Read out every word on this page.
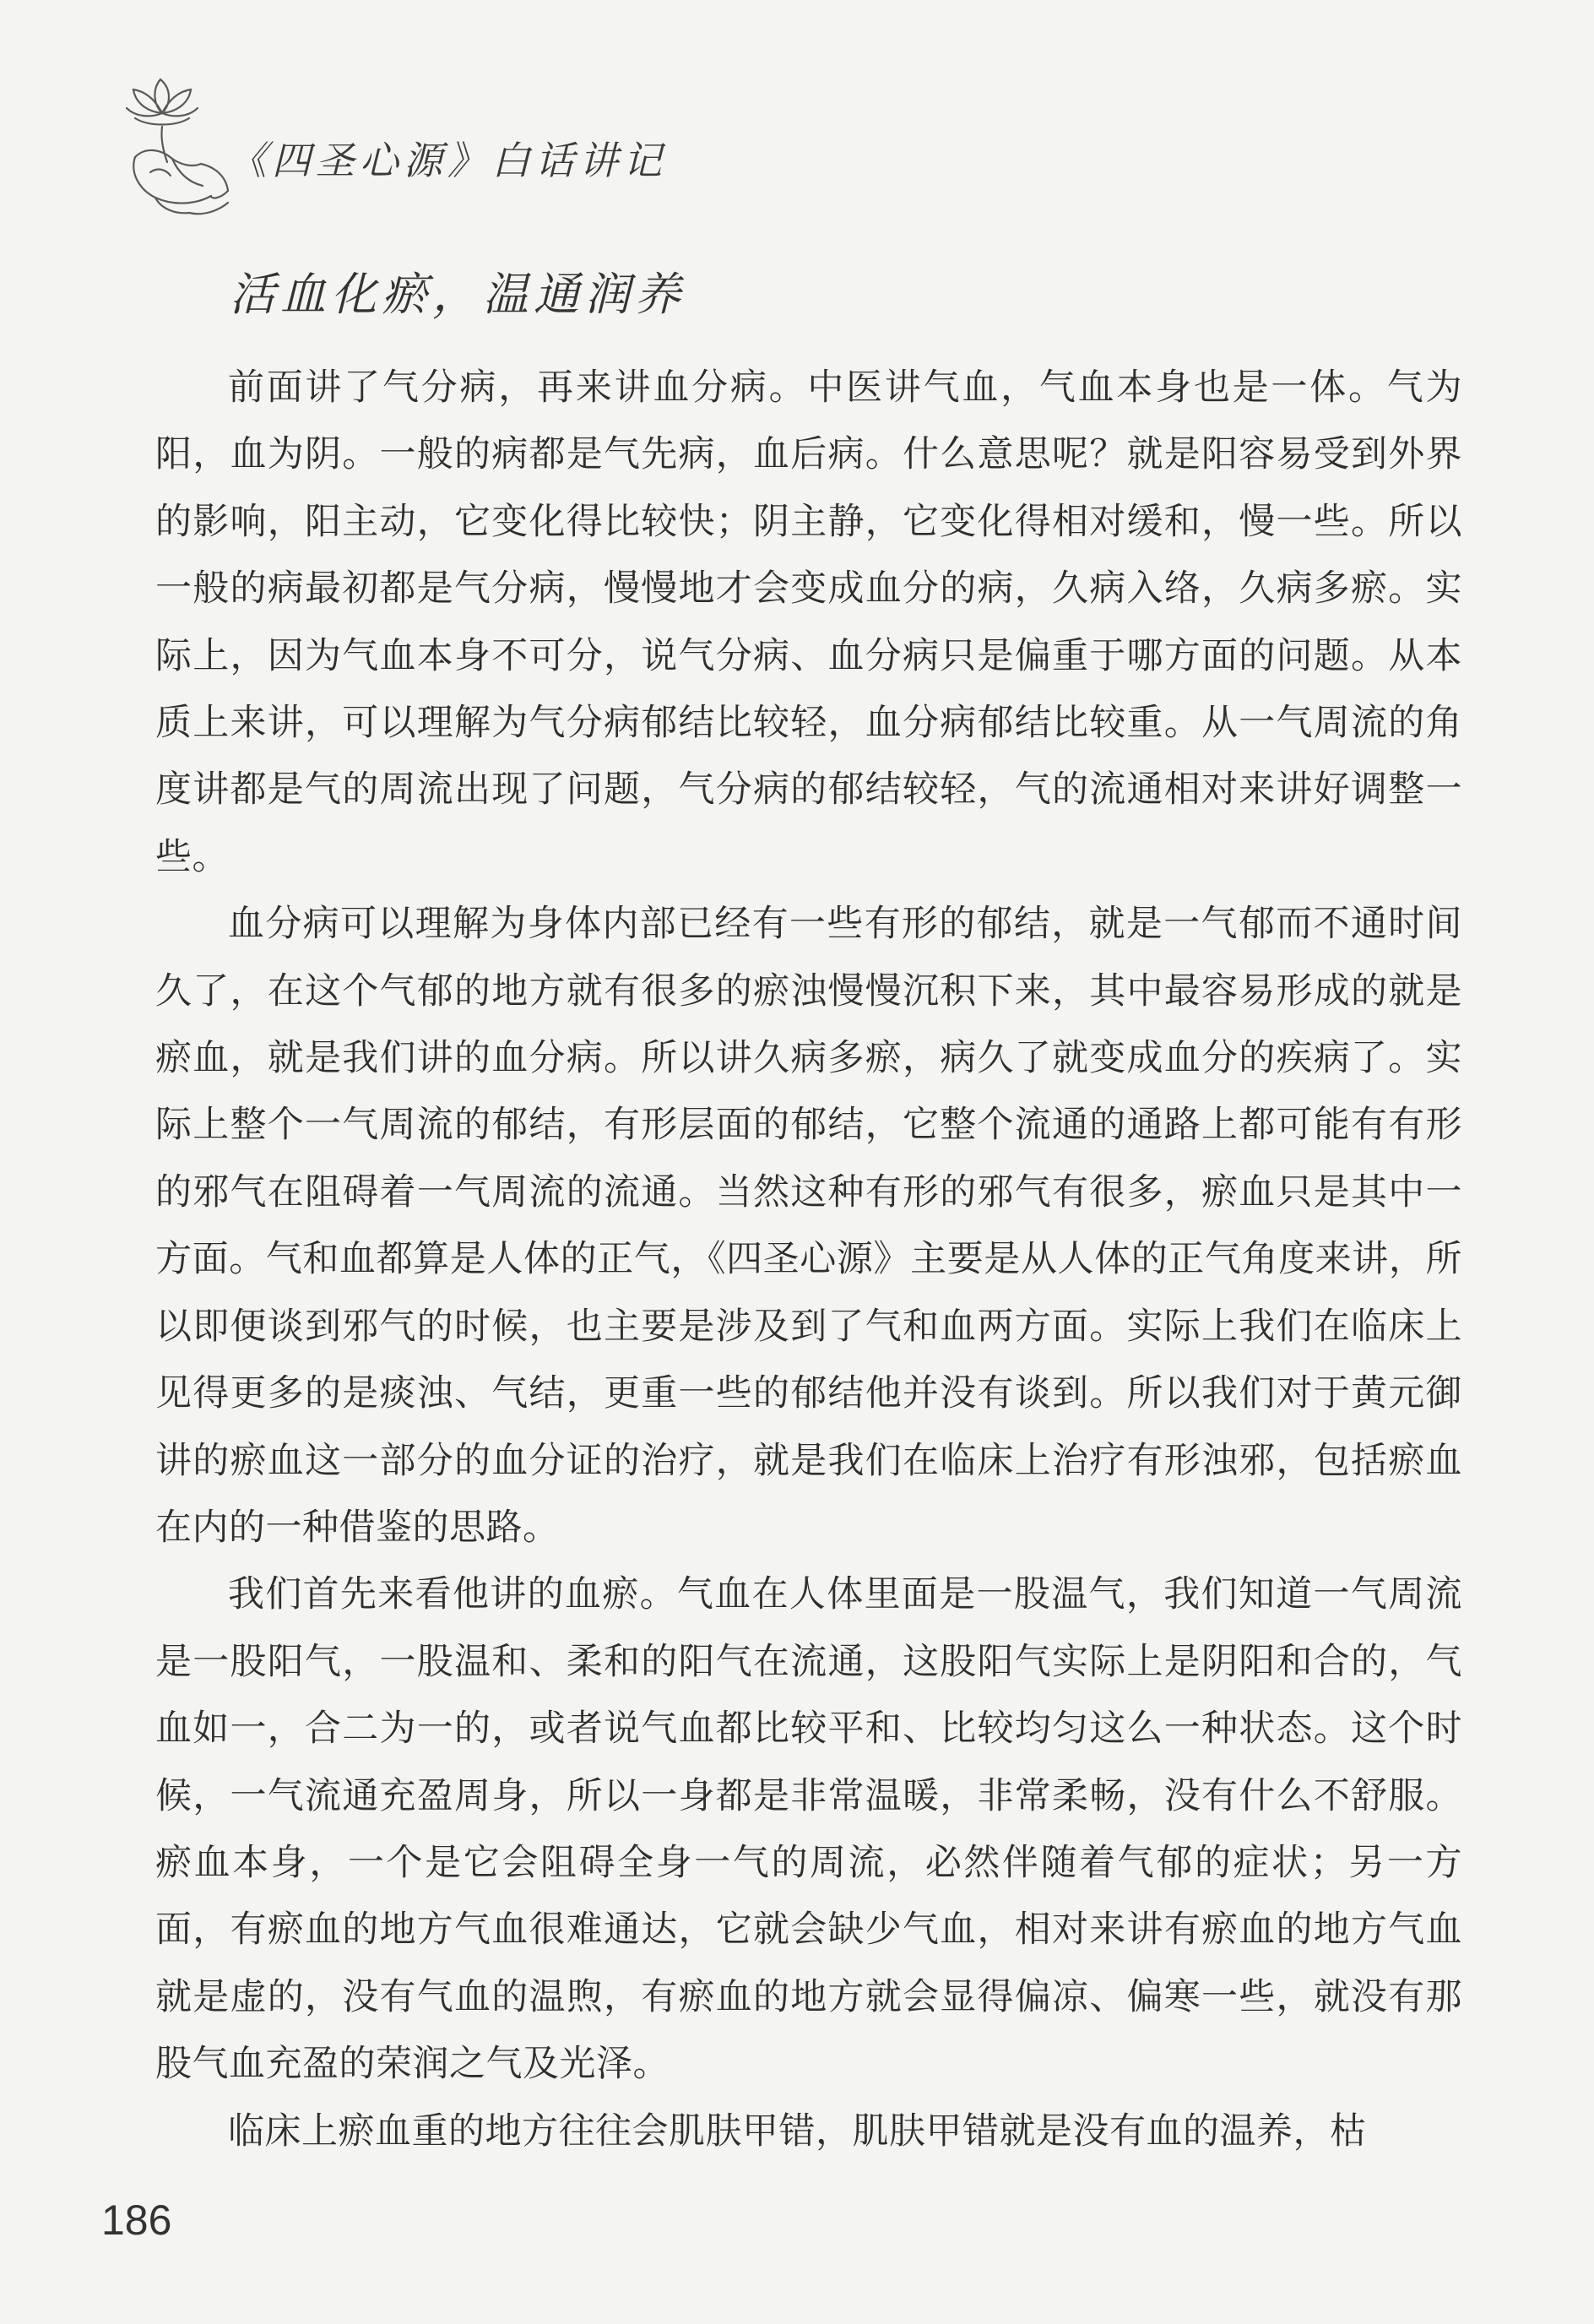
《四圣心源》白话讲记
活血化瘀，温通润养

前面讲了气分病，再来讲血分病。中医讲气血，气血本身也是一体。气为阳，血为阴。一般的病都是气先病，血后病。什么意思呢？就是阳容易受到外界的影响，阳主动，它变化得比较快；阴主静，它变化得相对缓和，慢一些。所以一般的病最初都是气分病，慢慢地才会变成血分的病，久病入络，久病多瘀。实际上，因为气血本身不可分，说气分病、血分病只是偏重于哪方面的问题。从本质上来讲，可以理解为气分病郁结比较轻，血分病郁结比较重。从一气周流的角度讲都是气的周流出现了问题，气分病的郁结较轻，气的流通相对来讲好调整一些。

血分病可以理解为身体内部已经有一些有形的郁结，就是一气郁而不通时间久了，在这个气郁的地方就有很多的瘀浊慢慢沉积下来，其中最容易形成的就是瘀血，就是我们讲的血分病。所以讲久病多瘀，病久了就变成血分的疾病了。实际上整个一气周流的郁结，有形层面的郁结，它整个流通的通路上都可能有有形的邪气在阻碍着一气周流的流通。当然这种有形的邪气有很多，瘀血只是其中一方面。气和血都算是人体的正气，《四圣心源》主要是从人体的正气角度来讲，所以即便谈到邪气的时候，也主要是涉及到了气和血两方面。实际上我们在临床上见得更多的是痰浊、气结，更重一些的郁结他并没有谈到。所以我们对于黄元御讲的瘀血这一部分的血分证的治疗，就是我们在临床上治疗有形浊邪，包括瘀血在内的一种借鉴的思路。

我们首先来看他讲的血瘀。气血在人体里面是一股温气，我们知道一气周流是一股阳气，一股温和、柔和的阳气在流通，这股阳气实际上是阴阳和合的，气血如一，合二为一的，或者说气血都比较平和、比较均匀这么一种状态。这个时候，一气流通充盈周身，所以一身都是非常温暖，非常柔畅，没有什么不舒服。瘀血本身，一个是它会阻碍全身一气的周流，必然伴随着气郁的症状；另一方面，有瘀血的地方气血很难通达，它就会缺少气血，相对来讲有瘀血的地方气血就是虚的，没有气血的温煦，有瘀血的地方就会显得偏凉、偏寒一些，就没有那股气血充盈的荣润之气及光泽。

临床上瘀血重的地方往往会肌肤甲错，肌肤甲错就是没有血的温养，枯

186
